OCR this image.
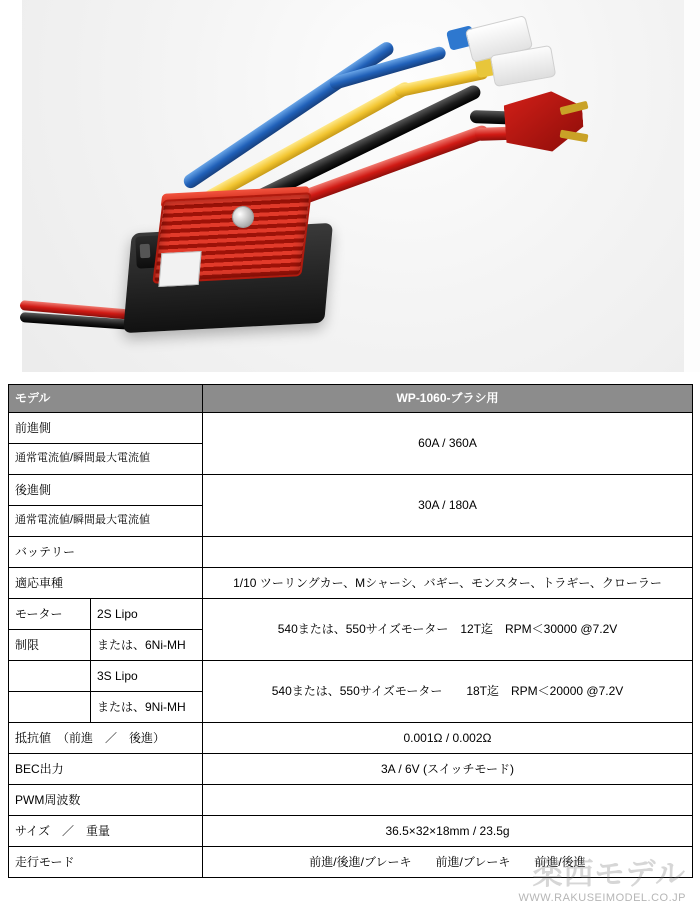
モデル		WP-1060-ブラシ用
前進側		60A / 360A
通常電流値/瞬間最大電流値		
後進側		30A / 180A
通常電流値/瞬間最大電流値		
バッテリー		
適応車種		1/10 ツーリングカー、Mシャーシ、バギー、モンスター、トラギー、クローラー
モーター	2S Lipo	540または、550サイズモーター　12T迄　RPM＜30000 @7.2V
制限	または、6Ni-MH	
	3S Lipo	540または、550サイズモーター　　18T迄　RPM＜20000 @7.2V
	または、9Ni-MH	
抵抗値　（前進　／　後進）		0.001Ω / 0.002Ω
BEC出力		3A / 6V (スイッチモード)
PWM周波数		
サイズ　／　重量		36.5×32×18mm / 23.5g
走行モード		前進/後進/ブレーキ　　前進/ブレーキ　　前進/後進
楽西モデル
WWW.RAKUSEIMODEL.CO.JP
